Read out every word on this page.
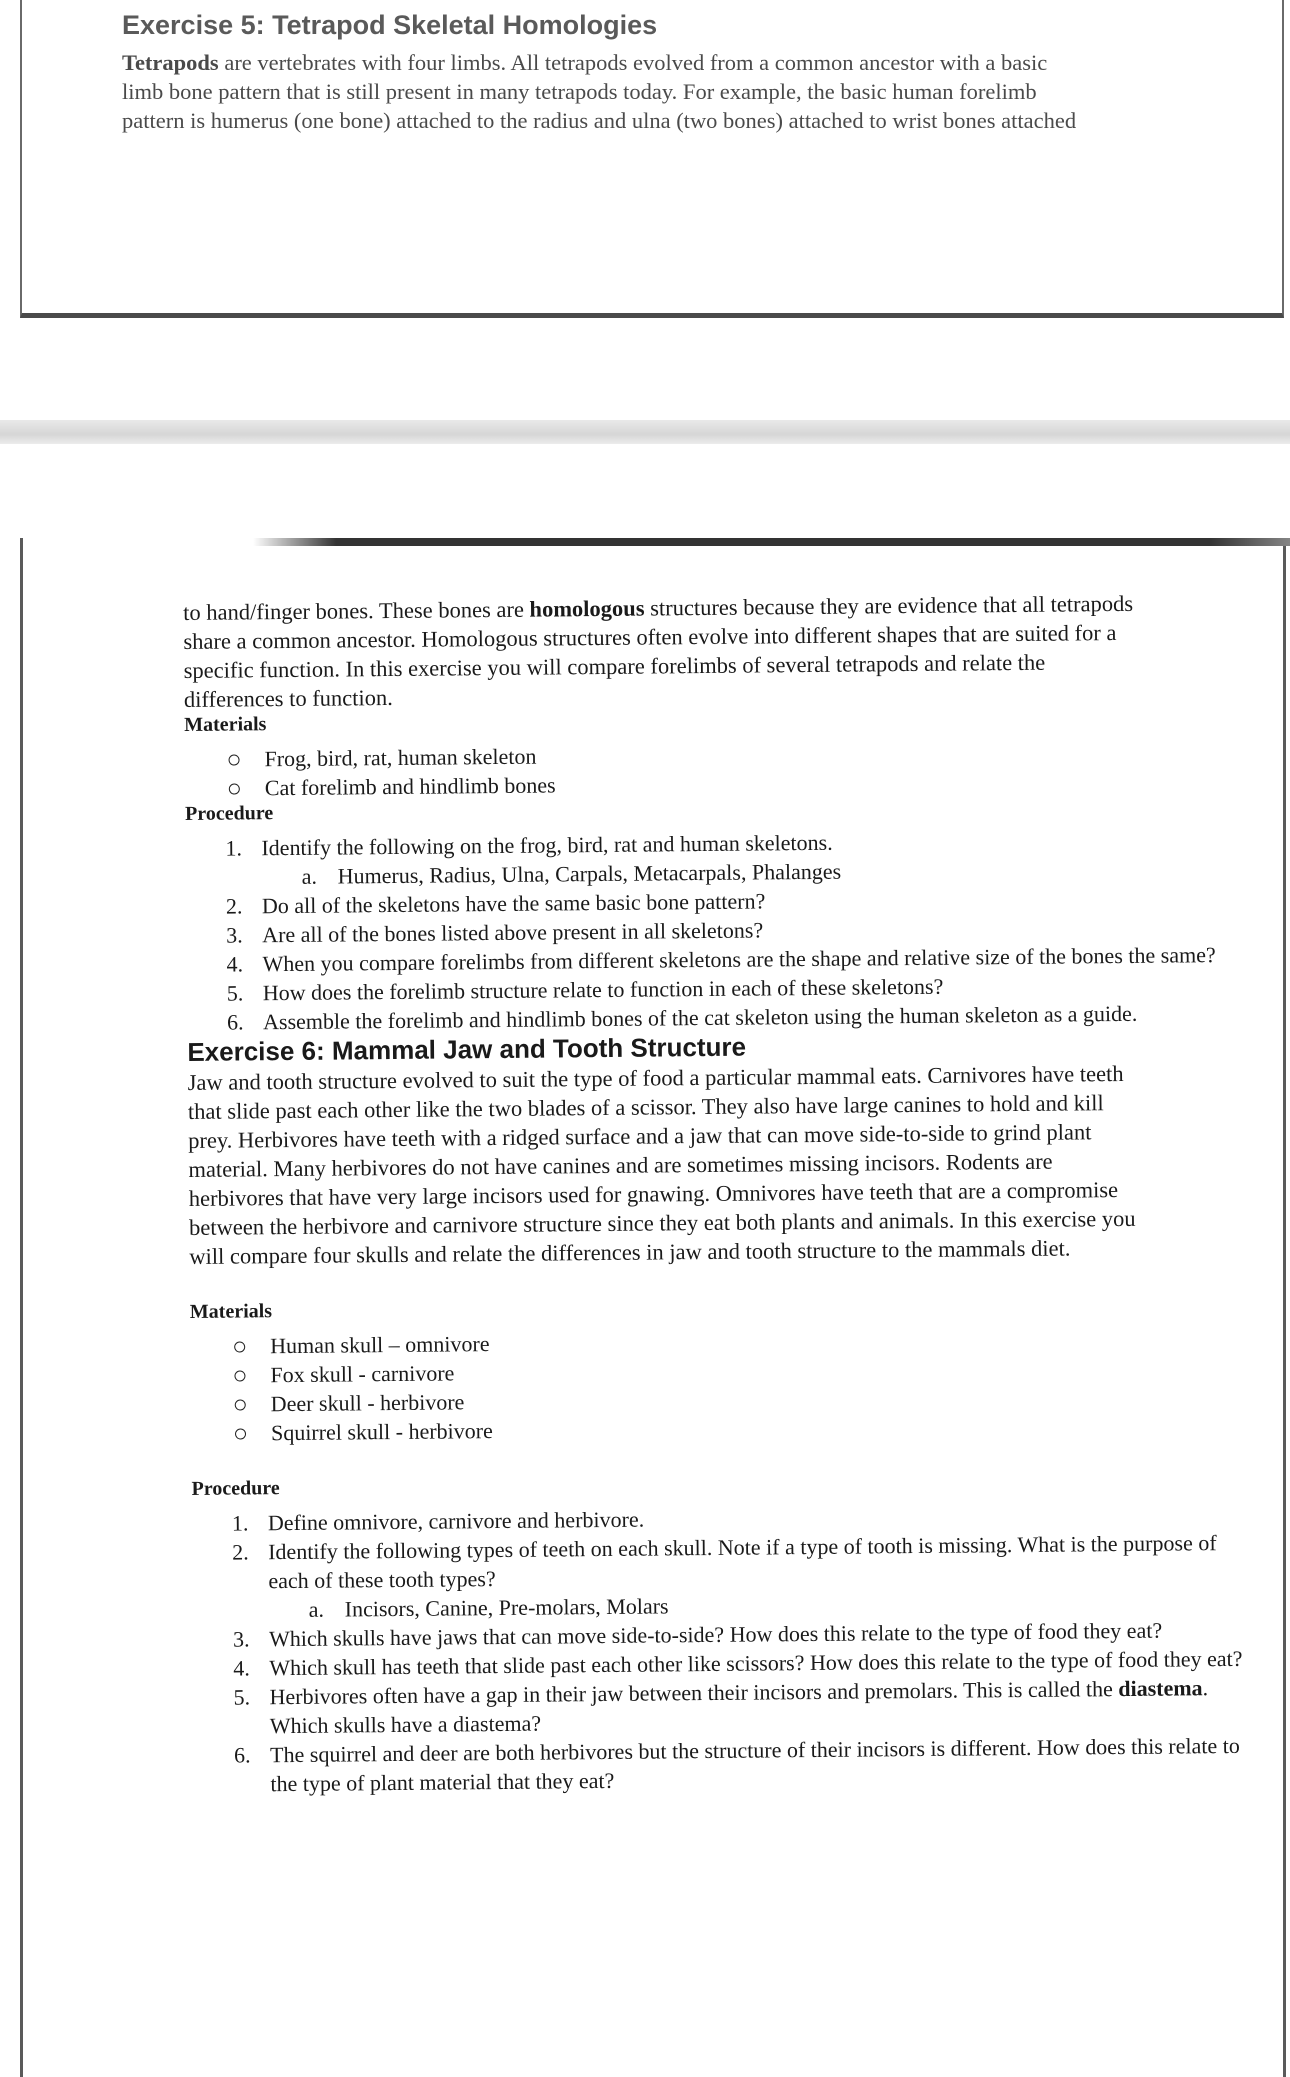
Exercise 5: Tetrapod Skeletal Homologies

Tetrapods are vertebrates with four limbs. All tetrapods evolved from a common ancestor with a basic
limb bone pattern that is still present in many tetrapods today. For example, the basic human forelimb
pattern is humerus (one bone) attached to the radius and ulna (two bones) attached to wrist bones attached

to hand/finger bones. These bones are homologous structures because they are evidence that all tetrapods
share a common ancestor. Homologous structures often evolve into different shapes that are suited for a
specific function. In this exercise you will compare forelimbs of several tetrapods and relate the
differences to function.

Materials
Frog, bird, rat, human skeleton
Cat forelimb and hindlimb bones
Procedure
1. Identify the following on the frog, bird, rat and human skeletons.
a. Humerus, Radius, Ulna, Carpals, Metacarpals, Phalanges
2. Do all of the skeletons have the same basic bone pattern?
3. Are all of the bones listed above present in all skeletons?
4. When you compare forelimbs from different skeletons are the shape and relative size of the bones the same?
5. How does the forelimb structure relate to function in each of these skeletons?
6. Assemble the forelimb and hindlimb bones of the cat skeleton using the human skeleton as a guide.
Exercise 6: Mammal Jaw and Tooth Structure

Jaw and tooth structure evolved to suit the type of food a particular mammal eats. Carnivores have teeth
that slide past each other like the two blades of a scissor. They also have large canines to hold and kill
prey. Herbivores have teeth with a ridged surface and a jaw that can move side-to-side to grind plant
material. Many herbivores do not have canines and are sometimes missing incisors. Rodents are
herbivores that have very large incisors used for gnawing. Omnivores have teeth that are a compromise
between the herbivore and carnivore structure since they eat both plants and animals. In this exercise you
will compare four skulls and relate the differences in jaw and tooth structure to the mammals diet.

Materials
Human skull – omnivore
Fox skull - carnivore
Deer skull - herbivore
Squirrel skull - herbivore
Procedure
1. Define omnivore, carnivore and herbivore.
2. Identify the following types of teeth on each skull. Note if a type of tooth is missing. What is the purpose of each of these tooth types?
a. Incisors, Canine, Pre-molars, Molars
3. Which skulls have jaws that can move side-to-side? How does this relate to the type of food they eat?
4. Which skull has teeth that slide past each other like scissors? How does this relate to the type of food they eat?
5. Herbivores often have a gap in their jaw between their incisors and premolars. This is called the diastema. Which skulls have a diastema?
6. The squirrel and deer are both herbivores but the structure of their incisors is different. How does this relate to the type of plant material that they eat?
